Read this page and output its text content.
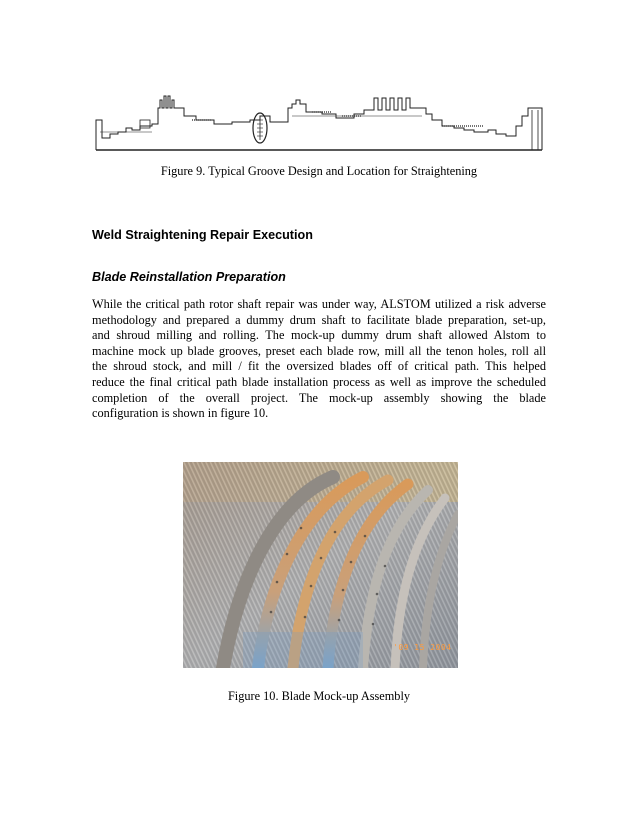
Figure 9. Typical Groove Design and Location for Straightening
Weld Straightening Repair Execution
Blade Reinstallation Preparation
While the critical path rotor shaft repair was under way, ALSTOM utilized a risk adverse
methodology and prepared a dummy drum shaft to facilitate blade preparation, set-up,
and shroud milling and rolling. The mock-up dummy drum shaft allowed Alstom to
machine mock up blade grooves, preset each blade row, mill all the tenon holes, roll all
the shroud stock, and mill / fit the oversized blades off of critical path. This helped
reduce the final critical path blade installation process as well as improve the scheduled
completion of the overall project. The mock-up assembly showing the blade
configuration is shown in figure 10.
'09 15 2004
Figure 10. Blade Mock-up Assembly
